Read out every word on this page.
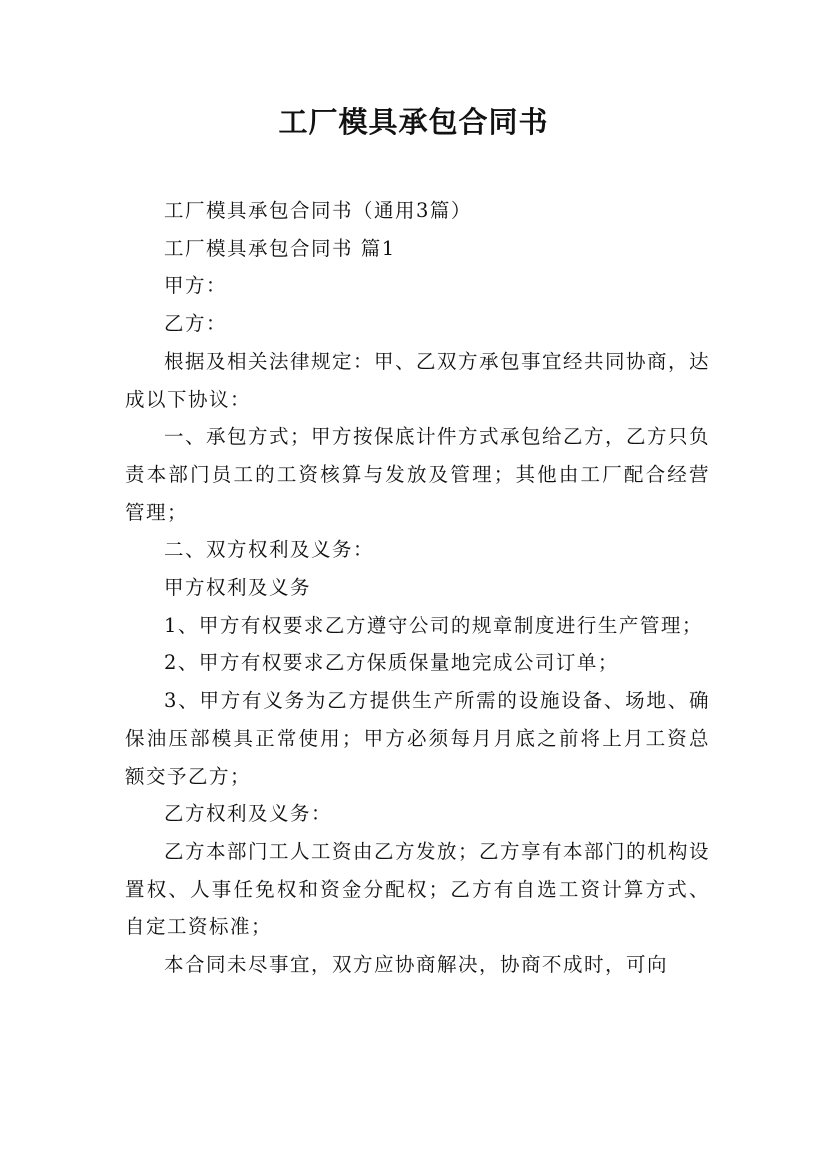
工厂模具承包合同书

工厂模具承包合同书（通用3篇）

工厂模具承包合同书 篇1

甲方：

乙方：

根据及相关法律规定：甲、乙双方承包事宜经共同协商，达成以下协议：

一、承包方式；甲方按保底计件方式承包给乙方，乙方只负责本部门员工的工资核算与发放及管理；其他由工厂配合经营管理；

二、双方权利及义务：

甲方权利及义务

1、甲方有权要求乙方遵守公司的规章制度进行生产管理；

2、甲方有权要求乙方保质保量地完成公司订单；

3、甲方有义务为乙方提供生产所需的设施设备、场地、确保油压部模具正常使用；甲方必须每月月底之前将上月工资总额交予乙方；

乙方权利及义务：

乙方本部门工人工资由乙方发放；乙方享有本部门的机构设置权、人事任免权和资金分配权；乙方有自选工资计算方式、自定工资标准；

本合同未尽事宜，双方应协商解决，协商不成时，可向
